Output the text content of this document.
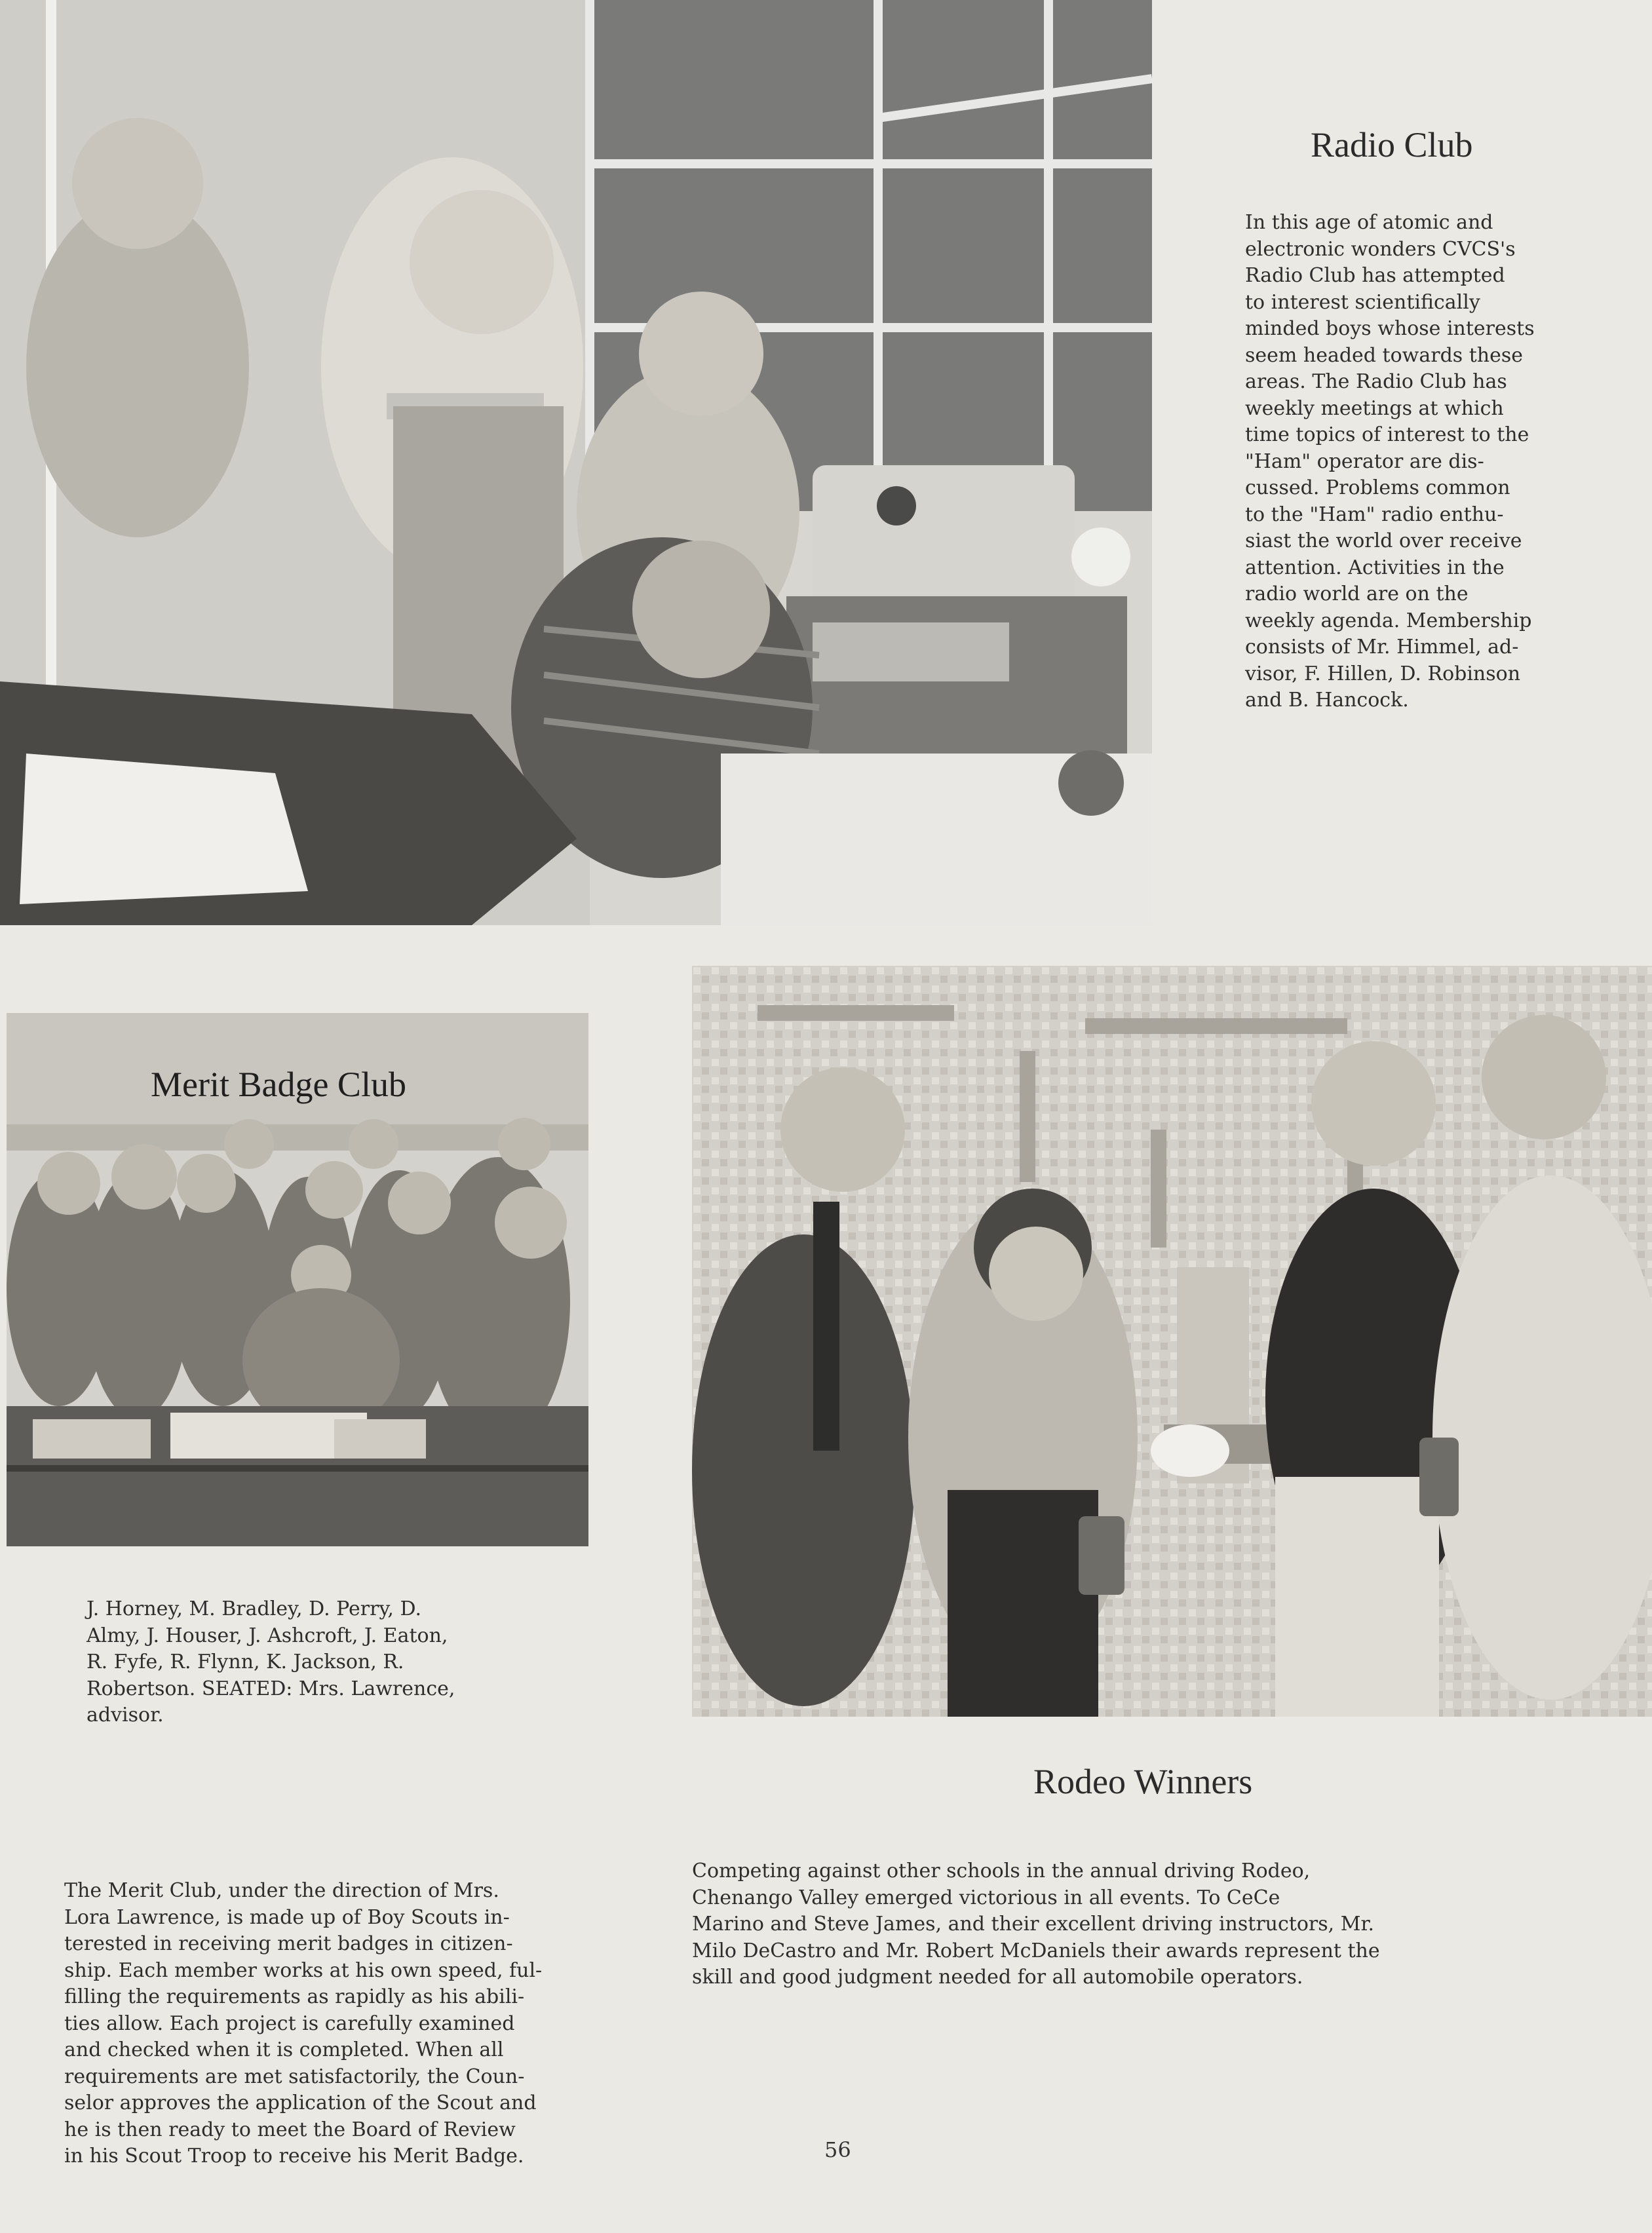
Radio Club
In this age of atomic and
electronic wonders CVCS's
Radio Club has attempted
to interest scientifically
minded boys whose interests
seem headed towards these
areas. The Radio Club has
weekly meetings at which
time topics of interest to the
"Ham" operator are dis-
cussed. Problems common
to the "Ham" radio enthu-
siast the world over receive
attention. Activities in the
radio world are on the
weekly agenda. Membership
consists of Mr. Himmel, ad-
visor, F. Hillen, D. Robinson
and B. Hancock.
Merit Badge Club
J. Horney, M. Bradley, D. Perry, D.
Almy, J. Houser, J. Ashcroft, J. Eaton,
R. Fyfe, R. Flynn, K. Jackson, R.
Robertson. SEATED: Mrs. Lawrence,
advisor.
The Merit Club, under the direction of Mrs.
Lora Lawrence, is made up of Boy Scouts in-
terested in receiving merit badges in citizen-
ship. Each member works at his own speed, ful-
filling the requirements as rapidly as his abili-
ties allow. Each project is carefully examined
and checked when it is completed. When all
requirements are met satisfactorily, the Coun-
selor approves the application of the Scout and
he is then ready to meet the Board of Review
in his Scout Troop to receive his Merit Badge.
Rodeo Winners
Competing against other schools in the annual driving Rodeo,
Chenango Valley emerged victorious in all events. To CeCe
Marino and Steve James, and their excellent driving instructors, Mr.
Milo DeCastro and Mr. Robert McDaniels their awards represent the
skill and good judgment needed for all automobile operators.
56
